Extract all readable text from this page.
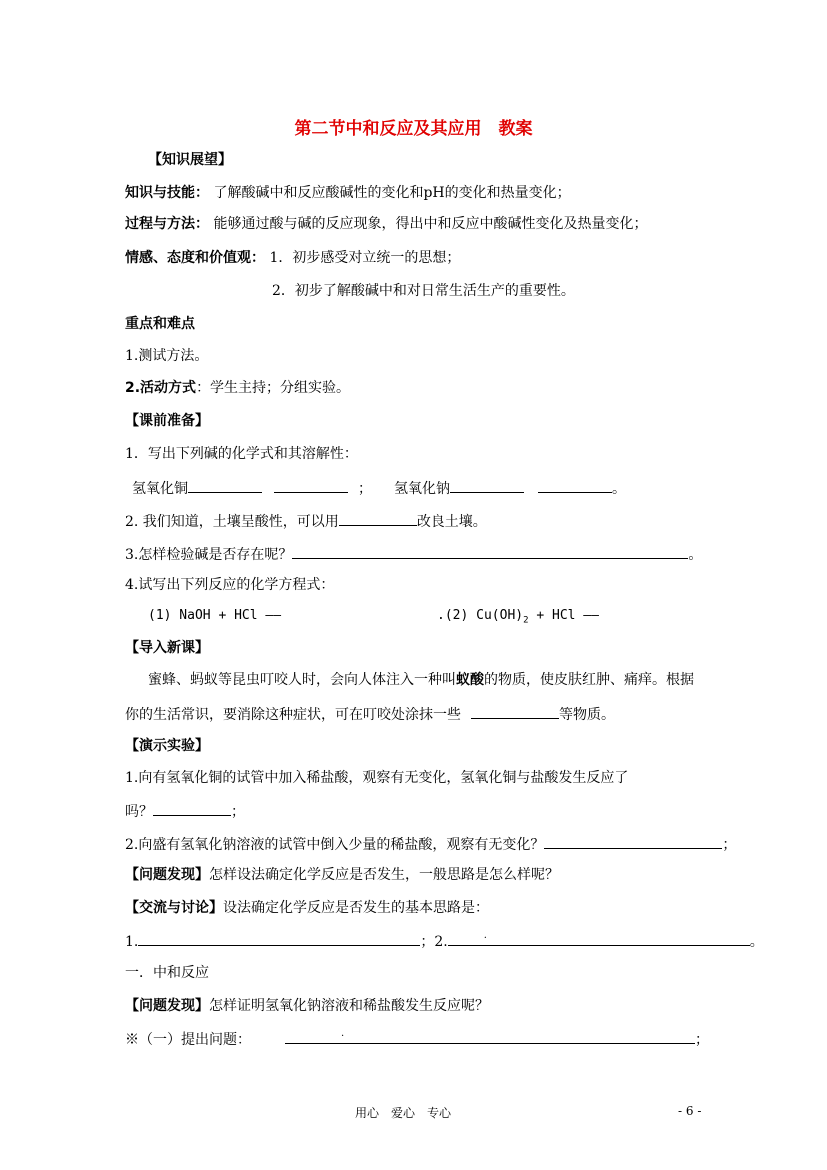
第二节中和反应及其应用　教案
【知识展望】
知识与技能： 了解酸碱中和反应酸碱性的变化和pH的变化和热量变化；
过程与方法： 能够通过酸与碱的反应现象，得出中和反应中酸碱性变化及热量变化；
情感、态度和价值观： 1．初步感受对立统一的思想；
2．初步了解酸碱中和对日常生活生产的重要性。
重点和难点
1.测试方法。
2.活动方式：学生主持；分组实验。
【课前准备】
1．写出下列碱的化学式和其溶解性：
氢氧化铜	； 氢氧化钠	。
2. 我们知道，土壤呈酸性，可以用	改良土壤。
3.怎样检验碱是否存在呢？	。
4.试写出下列反应的化学方程式：
(1) NaOH + HCl ——	.(2) $Cu(OH)_2$ + HCl ——
【导入新课】
蜜蜂、蚂蚁等昆虫叮咬人时，会向人体注入一种叫蚁酸的物质，使皮肤红肿、痛痒。根据
你的生活常识，要消除这种症状，可在叮咬处涂抹一些	等物质。
【演示实验】
1.向有氢氧化铜的试管中加入稀盐酸，观察有无变化，氢氧化铜与盐酸发生反应了
吗？	；
2.向盛有氢氧化钠溶液的试管中倒入少量的稀盐酸，观察有无变化？	；
【问题发现】怎样设法确定化学反应是否发生，一般思路是怎么样呢？
【交流与讨论】设法确定化学反应是否发生的基本思路是：
1.	；2.	.	。
一．中和反应
【问题发现】怎样证明氢氧化钠溶液和稀盐酸发生反应呢？
※（一）提出问题：	.	；
用心　爱心　专心	- 6 -
